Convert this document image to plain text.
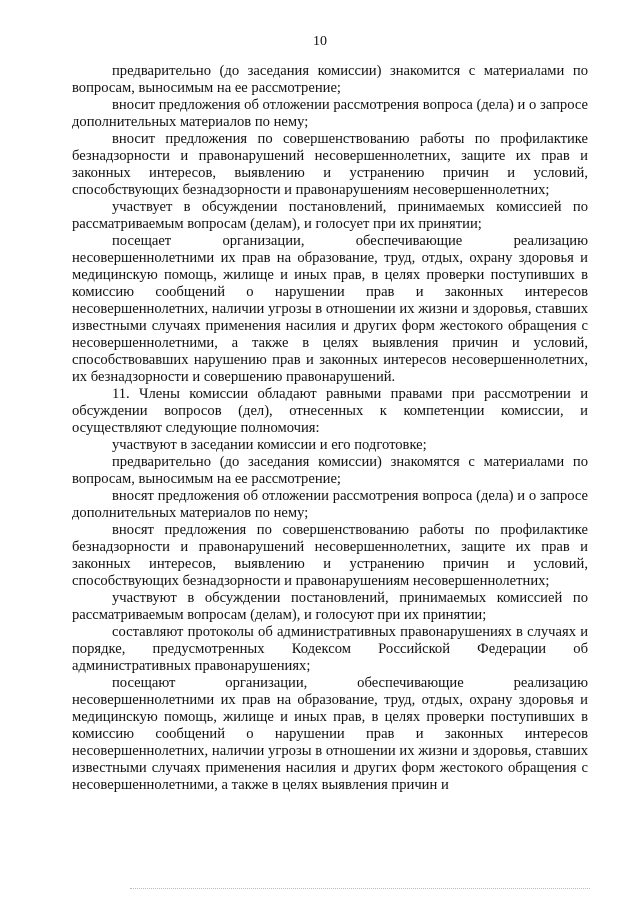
10

предварительно (до заседания комиссии) знакомится с материалами по вопросам, выносимым на ее рассмотрение;

вносит предложения об отложении рассмотрения вопроса (дела) и о запросе дополнительных материалов по нему;

вносит предложения по совершенствованию работы по профилактике безнадзорности и правонарушений несовершеннолетних, защите их прав и законных интересов, выявлению и устранению причин и условий, способствующих безнадзорности и правонарушениям несовершеннолетних;

участвует в обсуждении постановлений, принимаемых комиссией по рассматриваемым вопросам (делам), и голосует при их принятии;

посещает организации, обеспечивающие реализацию несовершеннолетними их прав на образование, труд, отдых, охрану здоровья и медицинскую помощь, жилище и иных прав, в целях проверки поступивших в комиссию сообщений о нарушении прав и законных интересов несовершеннолетних, наличии угрозы в отношении их жизни и здоровья, ставших известными случаях применения насилия и других форм жестокого обращения с несовершеннолетними, а также в целях выявления причин и условий, способствовавших нарушению прав и законных интересов несовершеннолетних, их безнадзорности и совершению правонарушений.

11. Члены комиссии обладают равными правами при рассмотрении и обсуждении вопросов (дел), отнесенных к компетенции комиссии, и осуществляют следующие полномочия:

участвуют в заседании комиссии и его подготовке;

предварительно (до заседания комиссии) знакомятся с материалами по вопросам, выносимым на ее рассмотрение;

вносят предложения об отложении рассмотрения вопроса (дела) и о запросе дополнительных материалов по нему;

вносят предложения по совершенствованию работы по профилактике безнадзорности и правонарушений несовершеннолетних, защите их прав и законных интересов, выявлению и устранению причин и условий, способствующих безнадзорности и правонарушениям несовершеннолетних;

участвуют в обсуждении постановлений, принимаемых комиссией по рассматриваемым вопросам (делам), и голосуют при их принятии;

составляют протоколы об административных правонарушениях в случаях и порядке, предусмотренных Кодексом Российской Федерации об административных правонарушениях;

посещают организации, обеспечивающие реализацию несовершеннолетними их прав на образование, труд, отдых, охрану здоровья и медицинскую помощь, жилище и иных прав, в целях проверки поступивших в комиссию сообщений о нарушении прав и законных интересов несовершеннолетних, наличии угрозы в отношении их жизни и здоровья, ставших известными случаях применения насилия и других форм жестокого обращения с несовершеннолетними, а также в целях выявления причин и
